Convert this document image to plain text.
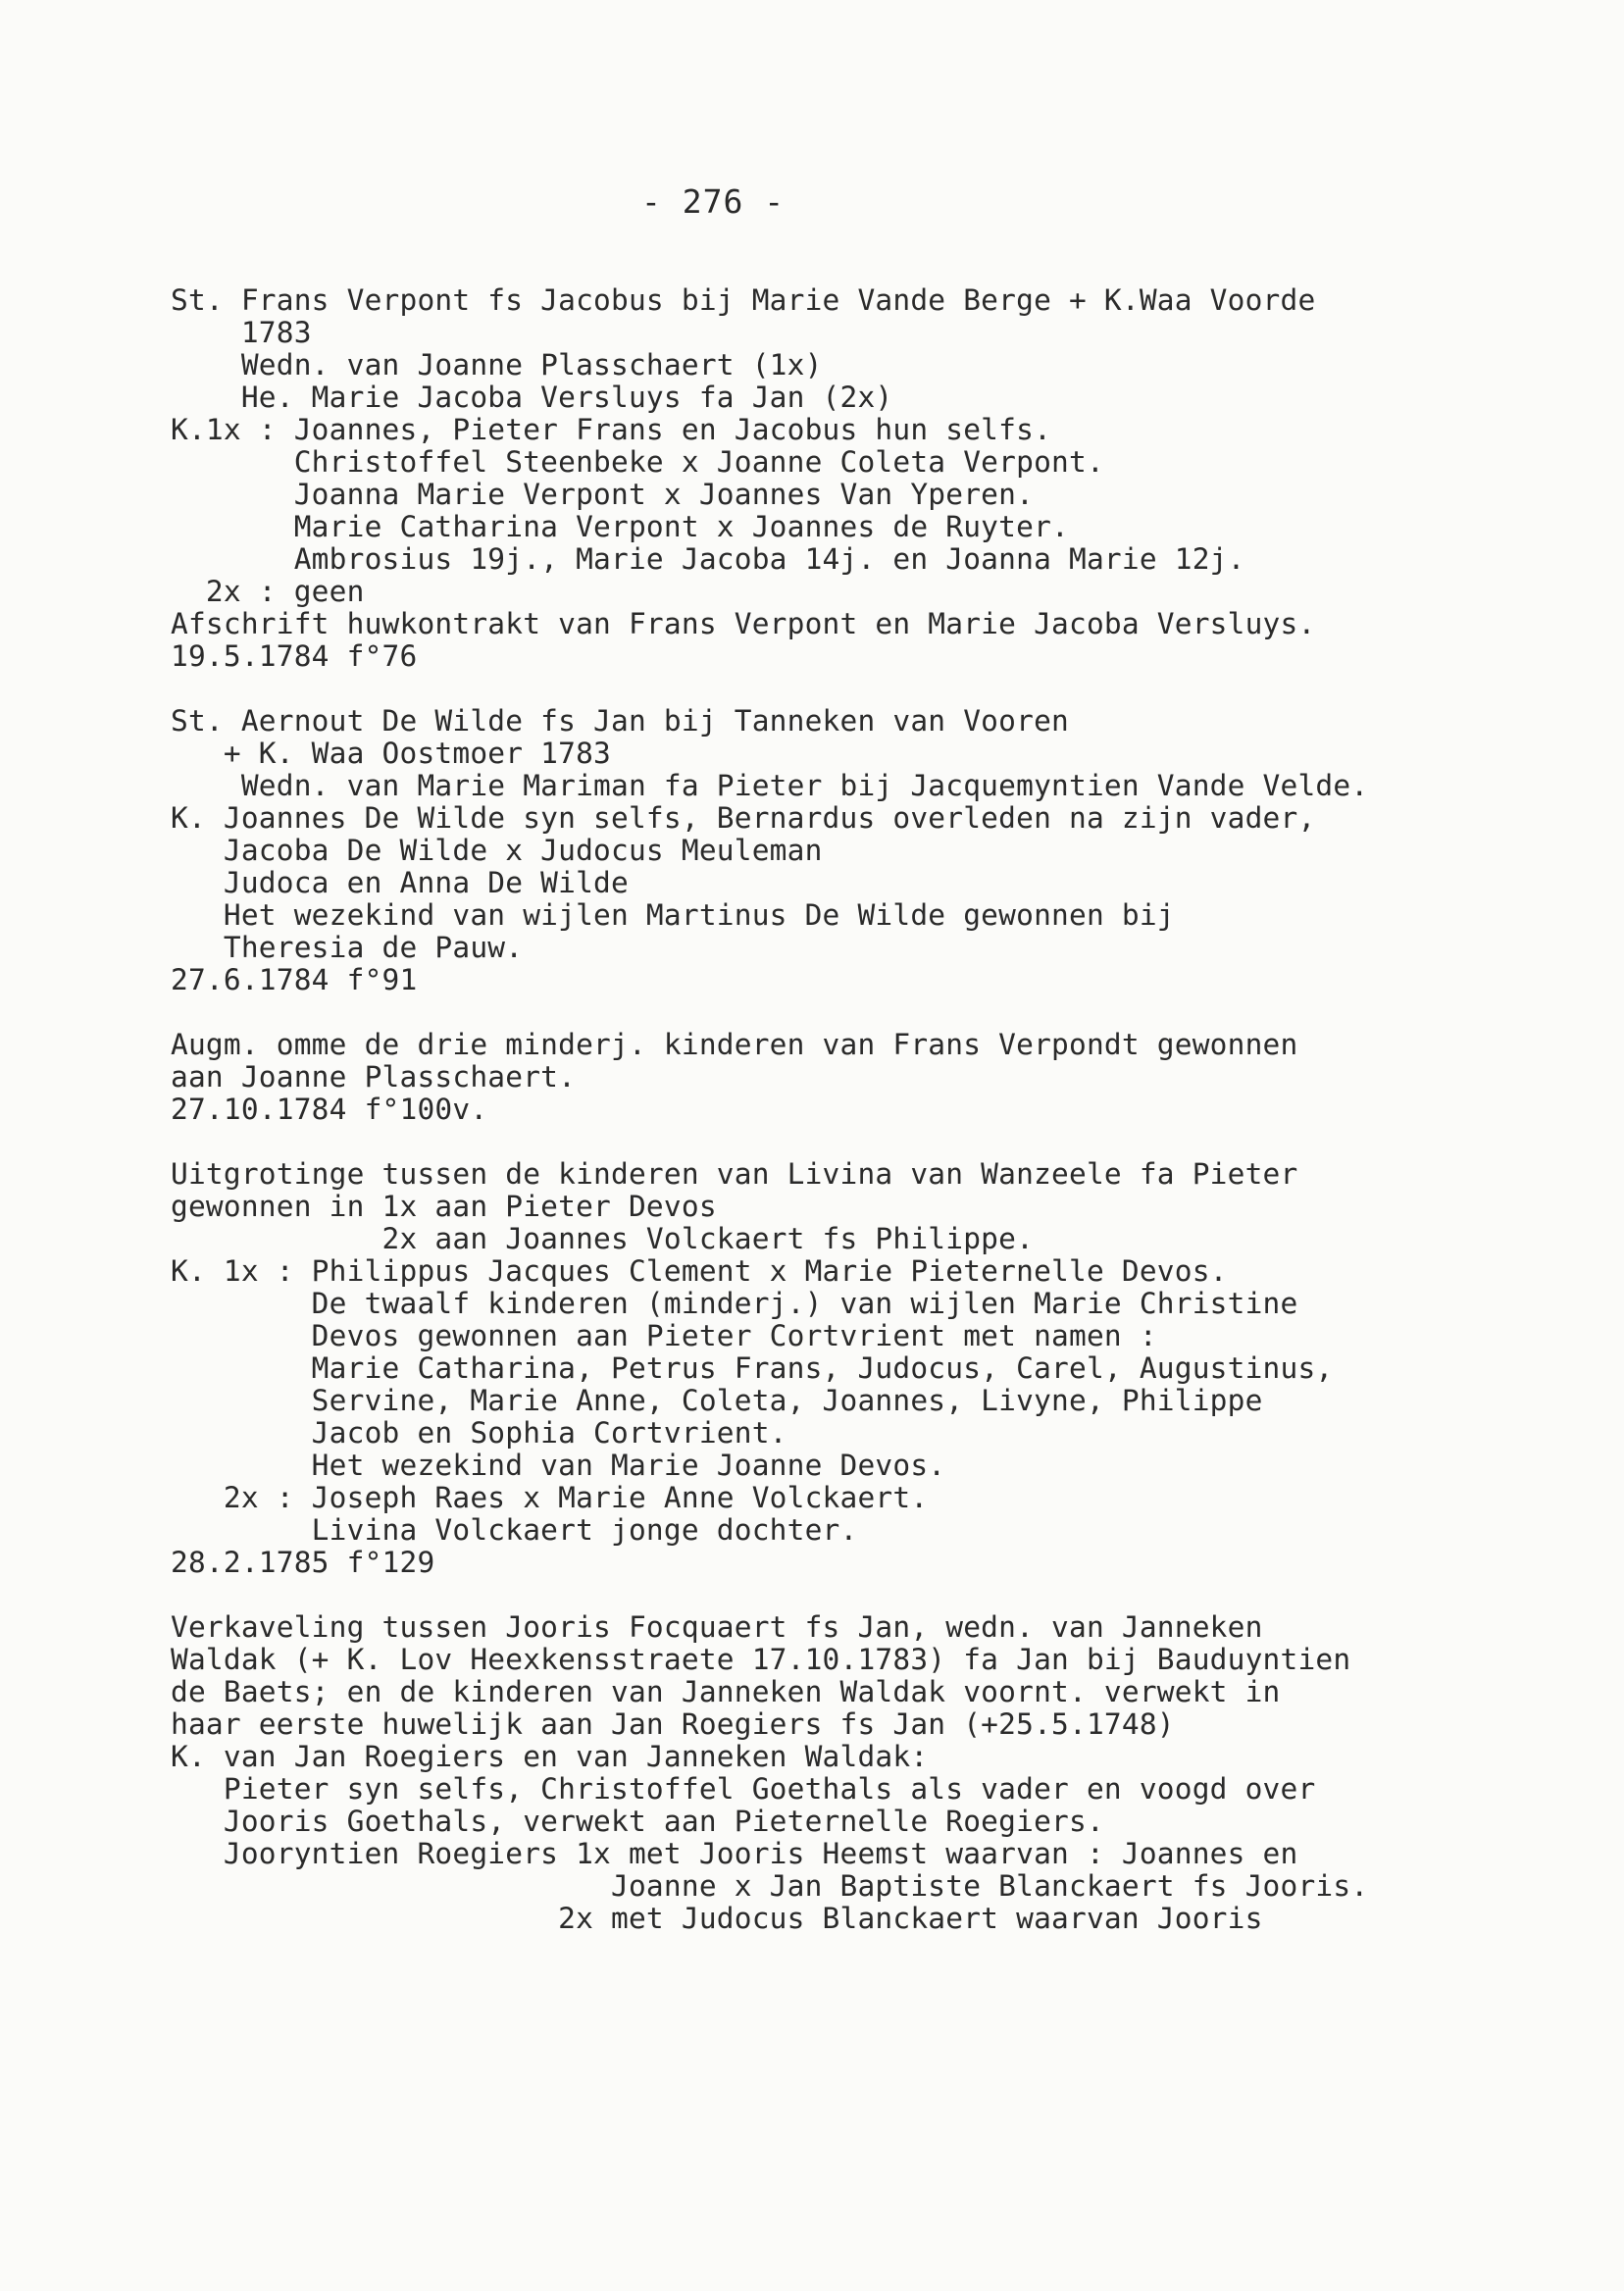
- 276 -
St. Frans Verpont fs Jacobus bij Marie Vande Berge + K.Waa Voorde
1783
Wedn. van Joanne Plasschaert (1x)
He. Marie Jacoba Versluys fa Jan (2x)
K.1x : Joannes, Pieter Frans en Jacobus hun selfs.
Christoffel Steenbeke x Joanne Coleta Verpont.
Joanna Marie Verpont x Joannes Van Yperen.
Marie Catharina Verpont x Joannes de Ruyter.
Ambrosius 19j., Marie Jacoba 14j. en Joanna Marie 12j.
2x : geen
Afschrift huwkontrakt van Frans Verpont en Marie Jacoba Versluys.
19.5.1784 f°76
St. Aernout De Wilde fs Jan bij Tanneken van Vooren
+ K. Waa Oostmoer 1783
Wedn. van Marie Mariman fa Pieter bij Jacquemyntien Vande Velde.
K. Joannes De Wilde syn selfs, Bernardus overleden na zijn vader,
Jacoba De Wilde x Judocus Meuleman
Judoca en Anna De Wilde
Het wezekind van wijlen Martinus De Wilde gewonnen bij
Theresia de Pauw.
27.6.1784 f°91
Augm. omme de drie minderj. kinderen van Frans Verpondt gewonnen
aan Joanne Plasschaert.
27.10.1784 f°100v.
Uitgrotinge tussen de kinderen van Livina van Wanzeele fa Pieter
gewonnen in 1x aan Pieter Devos
2x aan Joannes Volckaert fs Philippe.
K. 1x : Philippus Jacques Clement x Marie Pieternelle Devos.
De twaalf kinderen (minderj.) van wijlen Marie Christine
Devos gewonnen aan Pieter Cortvrient met namen :
Marie Catharina, Petrus Frans, Judocus, Carel, Augustinus,
Servine, Marie Anne, Coleta, Joannes, Livyne, Philippe
Jacob en Sophia Cortvrient.
Het wezekind van Marie Joanne Devos.
2x : Joseph Raes x Marie Anne Volckaert.
Livina Volckaert jonge dochter.
28.2.1785 f°129
Verkaveling tussen Jooris Focquaert fs Jan, wedn. van Janneken
Waldak (+ K. Lov Heexkensstraete 17.10.1783) fa Jan bij Bauduyntien
de Baets; en de kinderen van Janneken Waldak voornt. verwekt in
haar eerste huwelijk aan Jan Roegiers fs Jan (+25.5.1748)
K. van Jan Roegiers en van Janneken Waldak:
Pieter syn selfs, Christoffel Goethals als vader en voogd over
Jooris Goethals, verwekt aan Pieternelle Roegiers.
Jooryntien Roegiers 1x met Jooris Heemst waarvan : Joannes en
Joanne x Jan Baptiste Blanckaert fs Jooris.
2x met Judocus Blanckaert waarvan Jooris
